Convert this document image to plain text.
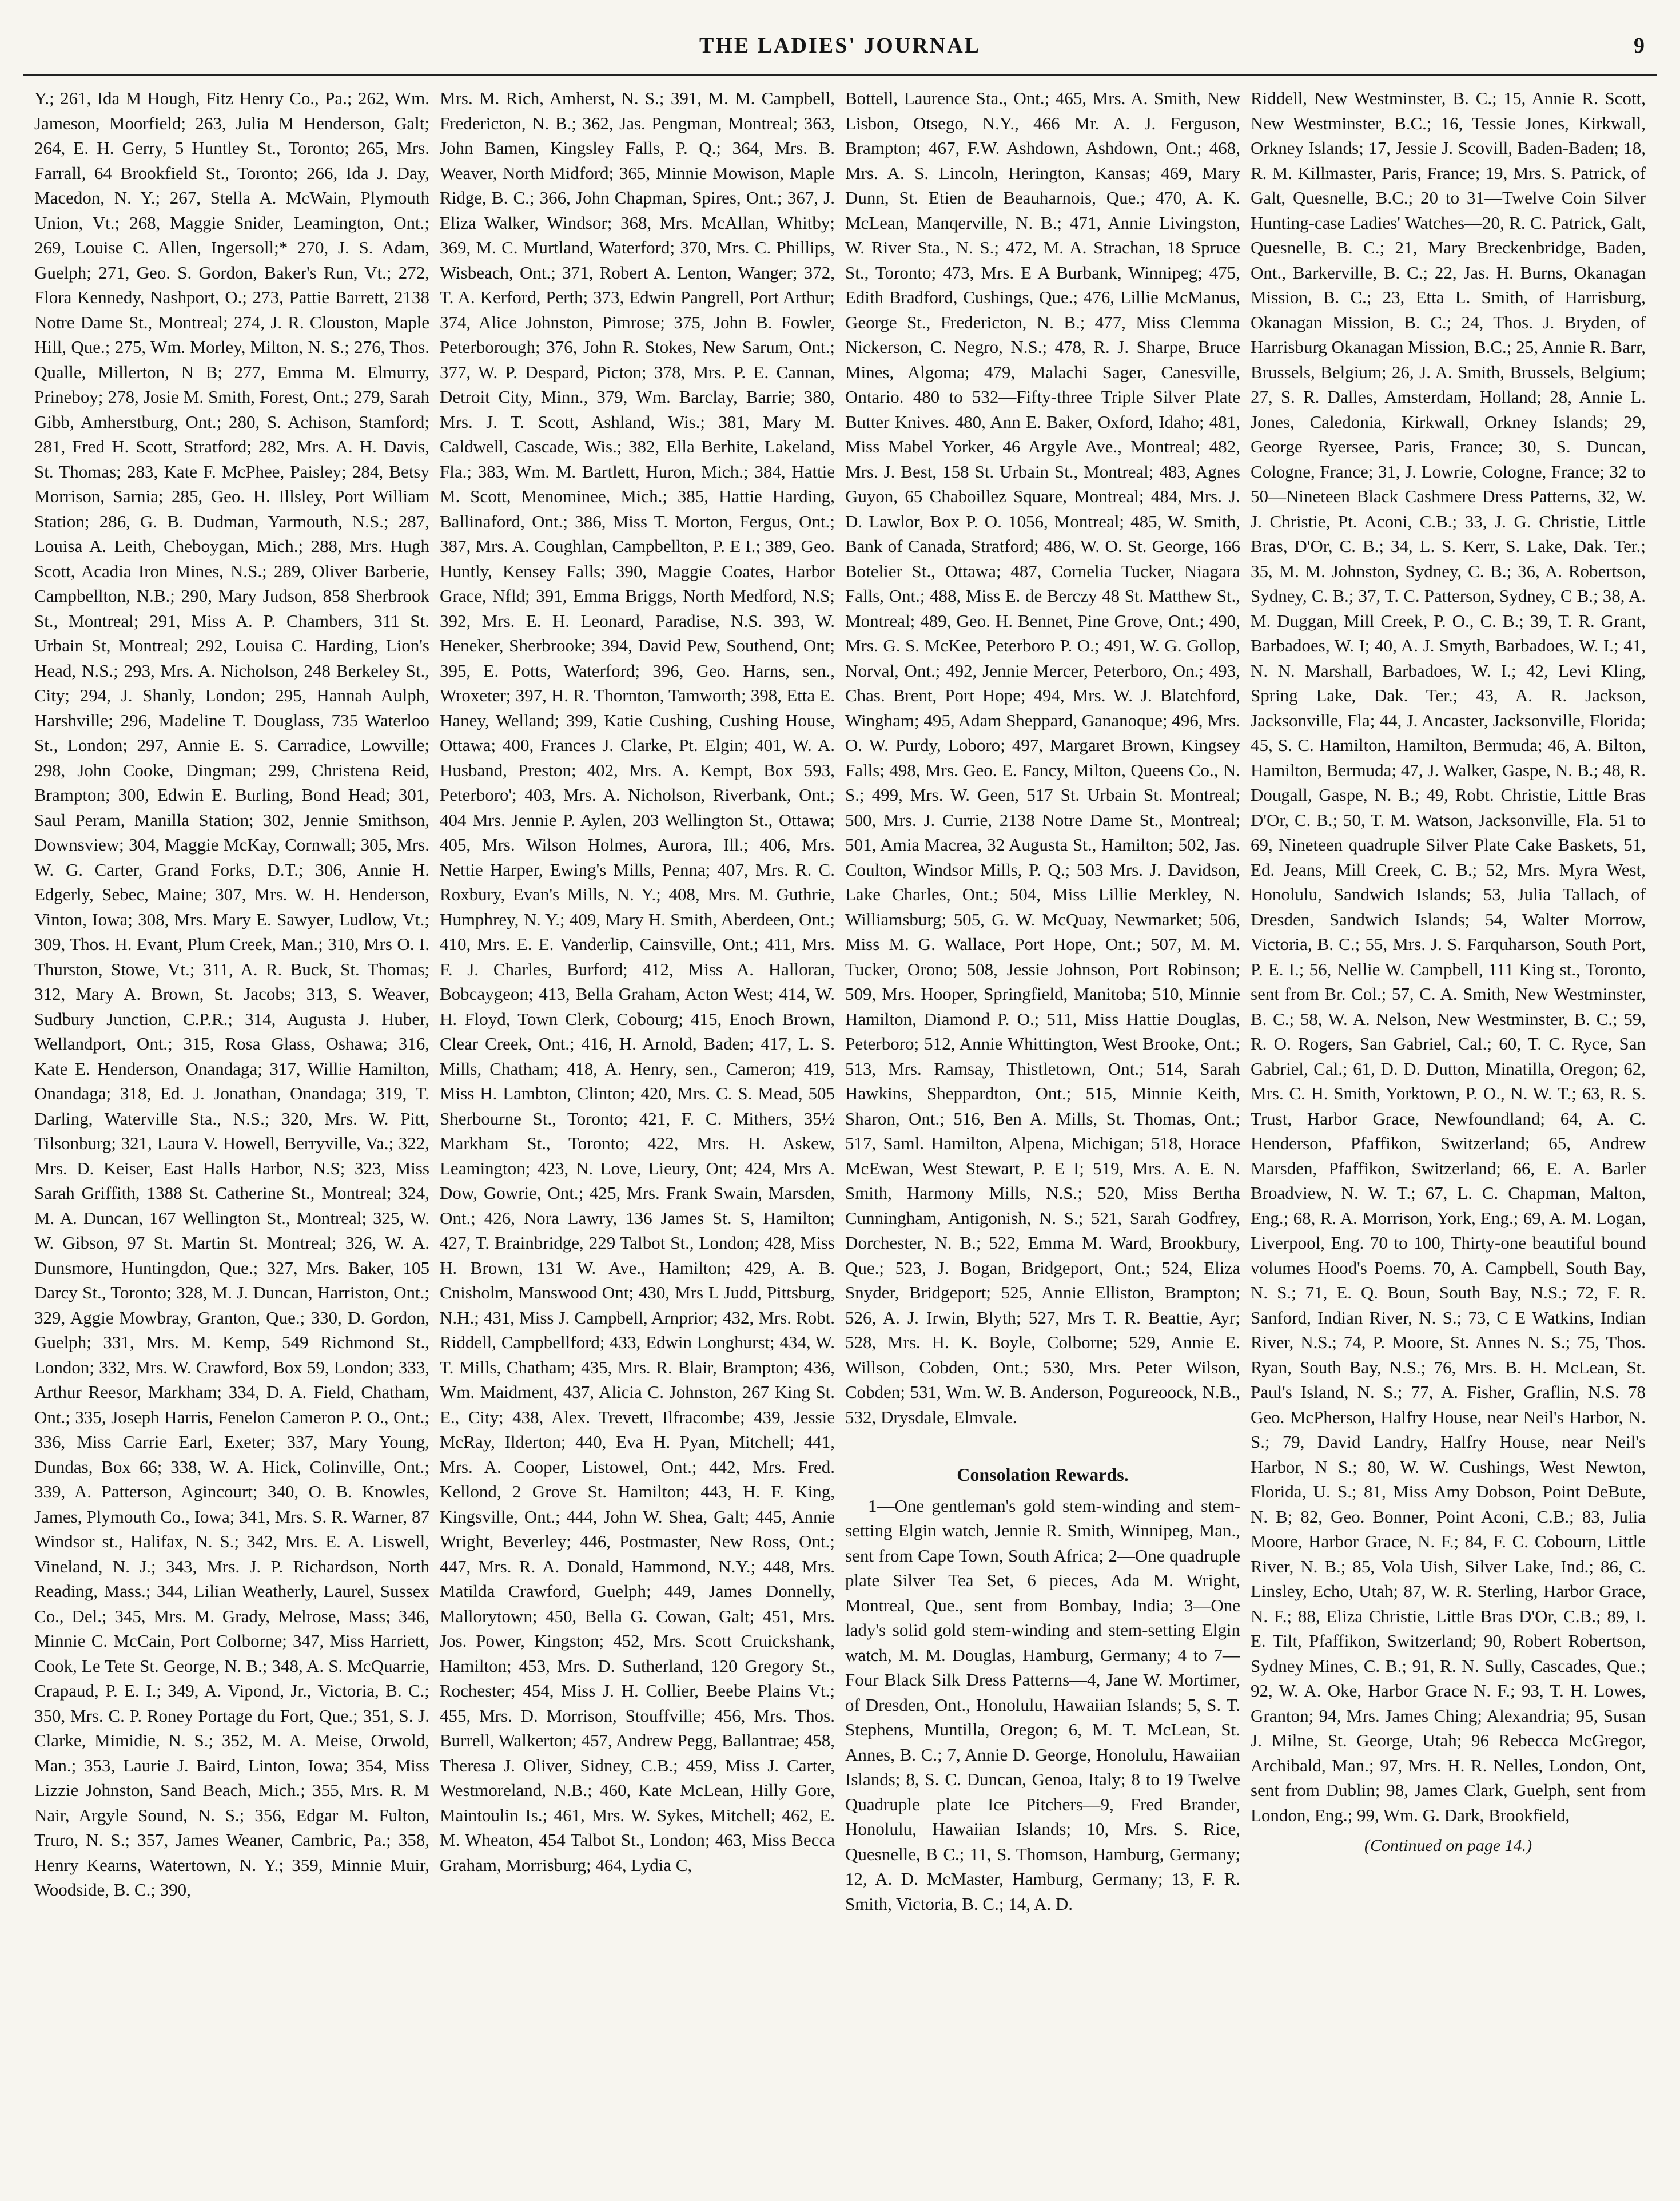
THE LADIES' JOURNAL	9

Y.; 261, Ida M Hough, Fitz Henry Co., Pa.; 262, Wm. Jameson, Moorfield; 263, Julia M Henderson, Galt; 264, E. H. Gerry, 5 Huntley St., Toronto; 265, Mrs. Farrall, 64 Brookfield St., Toronto; 266, Ida J. Day, Macedon, N. Y.; 267, Stella A. McWain, Plymouth Union, Vt.; 268, Maggie Snider, Leamington, Ont.; 269, Louise C. Allen, Ingersoll;* 270, J. S. Adam, Guelph; 271, Geo. S. Gordon, Baker's Run, Vt.; 272, Flora Kennedy, Nashport, O.; 273, Pattie Barrett, 2138 Notre Dame St., Montreal; 274, J. R. Clouston, Maple Hill, Que.; 275, Wm. Morley, Milton, N. S.; 276, Thos. Qualle, Millerton, N B; 277, Emma M. Elmurry, Prineboy; 278, Josie M. Smith, Forest, Ont.; 279, Sarah Gibb, Amherstburg, Ont.; 280, S. Achison, Stamford; 281, Fred H. Scott, Stratford; 282, Mrs. A. H. Davis, St. Thomas; 283, Kate F. McPhee, Paisley; 284, Betsy Morrison, Sarnia; 285, Geo. H. Illsley, Port William Station; 286, G. B. Dudman, Yarmouth, N.S.; 287, Louisa A. Leith, Cheboygan, Mich.; 288, Mrs. Hugh Scott, Acadia Iron Mines, N.S.; 289, Oliver Barberie, Campbellton, N.B.; 290, Mary Judson, 858 Sherbrook St., Montreal; 291, Miss A. P. Chambers, 311 St. Urbain St, Montreal; 292, Louisa C. Harding, Lion's Head, N.S.; 293, Mrs. A. Nicholson, 248 Berkeley St., City; 294, J. Shanly, London; 295, Hannah Aulph, Harshville; 296, Madeline T. Douglass, 735 Waterloo St., London; 297, Annie E. S. Carradice, Lowville; 298, John Cooke, Dingman; 299, Christena Reid, Brampton; 300, Edwin E. Burling, Bond Head; 301, Saul Peram, Manilla Station; 302, Jennie Smithson, Downsview; 304, Maggie McKay, Cornwall; 305, Mrs. W. G. Carter, Grand Forks, D.T.; 306, Annie H. Edgerly, Sebec, Maine; 307, Mrs. W. H. Henderson, Vinton, Iowa; 308, Mrs. Mary E. Sawyer, Ludlow, Vt.; 309, Thos. H. Evant, Plum Creek, Man.; 310, Mrs O. I. Thurston, Stowe, Vt.; 311, A. R. Buck, St. Thomas; 312, Mary A. Brown, St. Jacobs; 313, S. Weaver, Sudbury Junction, C.P.R.; 314, Augusta J. Huber, Wellandport, Ont.; 315, Rosa Glass, Oshawa; 316, Kate E. Henderson, Onandaga; 317, Willie Hamilton, Onandaga; 318, Ed. J. Jonathan, Onandaga; 319, T. Darling, Waterville Sta., N.S.; 320, Mrs. W. Pitt, Tilsonburg; 321, Laura V. Howell, Berryville, Va.; 322, Mrs. D. Keiser, East Halls Harbor, N.S; 323, Miss Sarah Griffith, 1388 St. Catherine St., Montreal; 324, M. A. Duncan, 167 Wellington St., Montreal; 325, W. W. Gibson, 97 St. Martin St. Montreal; 326, W. A. Dunsmore, Huntingdon, Que.; 327, Mrs. Baker, 105 Darcy St., Toronto; 328, M. J. Duncan, Harriston, Ont.; 329, Aggie Mowbray, Granton, Que.; 330, D. Gordon, Guelph; 331, Mrs. M. Kemp, 549 Richmond St., London; 332, Mrs. W. Crawford, Box 59, London; 333, Arthur Reesor, Markham; 334, D. A. Field, Chatham, Ont.; 335, Joseph Harris, Fenelon Cameron P. O., Ont.; 336, Miss Carrie Earl, Exeter; 337, Mary Young, Dundas, Box 66; 338, W. A. Hick, Colinville, Ont.; 339, A. Patterson, Agincourt; 340, O. B. Knowles, James, Plymouth Co., Iowa; 341, Mrs. S. R. Warner, 87 Windsor st., Halifax, N. S.; 342, Mrs. E. A. Liswell, Vineland, N. J.; 343, Mrs. J. P. Richardson, North Reading, Mass.; 344, Lilian Weatherly, Laurel, Sussex Co., Del.; 345, Mrs. M. Grady, Melrose, Mass; 346, Minnie C. McCain, Port Colborne; 347, Miss Harriett, Cook, Le Tete St. George, N. B.; 348, A. S. McQuarrie, Crapaud, P. E. I.; 349, A. Vipond, Jr., Victoria, B. C.; 350, Mrs. C. P. Roney Portage du Fort, Que.; 351, S. J. Clarke, Mimidie, N. S.; 352, M. A. Meise, Orwold, Man.; 353, Laurie J. Baird, Linton, Iowa; 354, Miss Lizzie Johnston, Sand Beach, Mich.; 355, Mrs. R. M Nair, Argyle Sound, N. S.; 356, Edgar M. Fulton, Truro, N. S.; 357, James Weaner, Cambric, Pa.; 358, Henry Kearns, Watertown, N. Y.; 359, Minnie Muir, Woodside, B. C.; 390,

Mrs. M. Rich, Amherst, N. S.; 391, M. M. Campbell, Fredericton, N. B.; 362, Jas. Pengman, Montreal; 363, John Bamen, Kingsley Falls, P. Q.; 364, Mrs. B. Weaver, North Midford; 365, Minnie Mowison, Maple Ridge, B. C.; 366, John Chapman, Spires, Ont.; 367, J. Eliza Walker, Windsor; 368, Mrs. McAllan, Whitby; 369, M. C. Murtland, Waterford; 370, Mrs. C. Phillips, Wisbeach, Ont.; 371, Robert A. Lenton, Wanger; 372, T. A. Kerford, Perth; 373, Edwin Pangrell, Port Arthur; 374, Alice Johnston, Pimrose; 375, John B. Fowler, Peterborough; 376, John R. Stokes, New Sarum, Ont.; 377, W. P. Despard, Picton; 378, Mrs. P. E. Cannan, Detroit City, Minn., 379, Wm. Barclay, Barrie; 380, Mrs. J. T. Scott, Ashland, Wis.; 381, Mary M. Caldwell, Cascade, Wis.; 382, Ella Berhite, Lakeland, Fla.; 383, Wm. M. Bartlett, Huron, Mich.; 384, Hattie M. Scott, Menominee, Mich.; 385, Hattie Harding, Ballinaford, Ont.; 386, Miss T. Morton, Fergus, Ont.; 387, Mrs. A. Coughlan, Campbellton, P. E I.; 389, Geo. Huntly, Kensey Falls; 390, Maggie Coates, Harbor Grace, Nfld; 391, Emma Briggs, North Medford, N.S; 392, Mrs. E. H. Leonard, Paradise, N.S. 393, W. Heneker, Sherbrooke; 394, David Pew, Southend, Ont; 395, E. Potts, Waterford; 396, Geo. Harns, sen., Wroxeter; 397, H. R. Thornton, Tamworth; 398, Etta E. Haney, Welland; 399, Katie Cushing, Cushing House, Ottawa; 400, Frances J. Clarke, Pt. Elgin; 401, W. A. Husband, Preston; 402, Mrs. A. Kempt, Box 593, Peterboro'; 403, Mrs. A. Nicholson, Riverbank, Ont.; 404 Mrs. Jennie P. Aylen, 203 Wellington St., Ottawa; 405, Mrs. Wilson Holmes, Aurora, Ill.; 406, Mrs. Nettie Harper, Ewing's Mills, Penna; 407, Mrs. R. C. Roxbury, Evan's Mills, N. Y.; 408, Mrs. M. Guthrie, Humphrey, N. Y.; 409, Mary H. Smith, Aberdeen, Ont.; 410, Mrs. E. E. Vanderlip, Cainsville, Ont.; 411, Mrs. F. J. Charles, Burford; 412, Miss A. Halloran, Bobcaygeon; 413, Bella Graham, Acton West; 414, W. H. Floyd, Town Clerk, Cobourg; 415, Enoch Brown, Clear Creek, Ont.; 416, H. Arnold, Baden; 417, L. S. Mills, Chatham; 418, A. Henry, sen., Cameron; 419, Miss H. Lambton, Clinton; 420, Mrs. C. S. Mead, 505 Sherbourne St., Toronto; 421, F. C. Mithers, 35½ Markham St., Toronto; 422, Mrs. H. Askew, Leamington; 423, N. Love, Lieury, Ont; 424, Mrs A. Dow, Gowrie, Ont.; 425, Mrs. Frank Swain, Marsden, Ont.; 426, Nora Lawry, 136 James St. S, Hamilton; 427, T. Brainbridge, 229 Talbot St., London; 428, Miss H. Brown, 131 W. Ave., Hamilton; 429, A. B. Cnisholm, Manswood Ont; 430, Mrs L Judd, Pittsburg, N.H.; 431, Miss J. Campbell, Arnprior; 432, Mrs. Robt. Riddell, Campbellford; 433, Edwin Longhurst; 434, W. T. Mills, Chatham; 435, Mrs. R. Blair, Brampton; 436, Wm. Maidment, 437, Alicia C. Johnston, 267 King St. E., City; 438, Alex. Trevett, Ilfracombe; 439, Jessie McRay, Ilderton; 440, Eva H. Pyan, Mitchell; 441, Mrs. A. Cooper, Listowel, Ont.; 442, Mrs. Fred. Kellond, 2 Grove St. Hamilton; 443, H. F. King, Kingsville, Ont.; 444, John W. Shea, Galt; 445, Annie Wright, Beverley; 446, Postmaster, New Ross, Ont.; 447, Mrs. R. A. Donald, Hammond, N.Y.; 448, Mrs. Matilda Crawford, Guelph; 449, James Donnelly, Mallorytown; 450, Bella G. Cowan, Galt; 451, Mrs. Jos. Power, Kingston; 452, Mrs. Scott Cruickshank, Hamilton; 453, Mrs. D. Sutherland, 120 Gregory St., Rochester; 454, Miss J. H. Collier, Beebe Plains Vt.; 455, Mrs. D. Morrison, Stouffville; 456, Mrs. Thos. Burrell, Walkerton; 457, Andrew Pegg, Ballantrae; 458, Theresa J. Oliver, Sidney, C.B.; 459, Miss J. Carter, Westmoreland, N.B.; 460, Kate McLean, Hilly Gore, Maintoulin Is.; 461, Mrs. W. Sykes, Mitchell; 462, E. M. Wheaton, 454 Talbot St., London; 463, Miss Becca Graham, Morrisburg; 464, Lydia C,

Bottell, Laurence Sta., Ont.; 465, Mrs. A. Smith, New Lisbon, Otsego, N.Y., 466 Mr. A. J. Ferguson, Brampton; 467, F.W. Ashdown, Ashdown, Ont.; 468, Mrs. A. S. Lincoln, Herington, Kansas; 469, Mary Dunn, St. Etien de Beauharnois, Que.; 470, A. K. McLean, Manqerville, N. B.; 471, Annie Livingston, W. River Sta., N. S.; 472, M. A. Strachan, 18 Spruce St., Toronto; 473, Mrs. E A Burbank, Winnipeg; 475, Edith Bradford, Cushings, Que.; 476, Lillie McManus, George St., Fredericton, N. B.; 477, Miss Clemma Nickerson, C. Negro, N.S.; 478, R. J. Sharpe, Bruce Mines, Algoma; 479, Malachi Sager, Canesville, Ontario. 480 to 532—Fifty-three Triple Silver Plate Butter Knives. 480, Ann E. Baker, Oxford, Idaho; 481, Miss Mabel Yorker, 46 Argyle Ave., Montreal; 482, Mrs. J. Best, 158 St. Urbain St., Montreal; 483, Agnes Guyon, 65 Chaboillez Square, Montreal; 484, Mrs. J. D. Lawlor, Box P. O. 1056, Montreal; 485, W. Smith, Bank of Canada, Stratford; 486, W. O. St. George, 166 Botelier St., Ottawa; 487, Cornelia Tucker, Niagara Falls, Ont.; 488, Miss E. de Berczy 48 St. Matthew St., Montreal; 489, Geo. H. Bennet, Pine Grove, Ont.; 490, Mrs. G. S. McKee, Peterboro P. O.; 491, W. G. Gollop, Norval, Ont.; 492, Jennie Mercer, Peterboro, On.; 493, Chas. Brent, Port Hope; 494, Mrs. W. J. Blatchford, Wingham; 495, Adam Sheppard, Gananoque; 496, Mrs. O. W. Purdy, Loboro; 497, Margaret Brown, Kingsey Falls; 498, Mrs. Geo. E. Fancy, Milton, Queens Co., N. S.; 499, Mrs. W. Geen, 517 St. Urbain St. Montreal; 500, Mrs. J. Currie, 2138 Notre Dame St., Montreal; 501, Amia Macrea, 32 Augusta St., Hamilton; 502, Jas. Coulton, Windsor Mills, P. Q.; 503 Mrs. J. Davidson, Lake Charles, Ont.; 504, Miss Lillie Merkley, N. Williamsburg; 505, G. W. McQuay, Newmarket; 506, Miss M. G. Wallace, Port Hope, Ont.; 507, M. M. Tucker, Orono; 508, Jessie Johnson, Port Robinson; 509, Mrs. Hooper, Springfield, Manitoba; 510, Minnie Hamilton, Diamond P. O.; 511, Miss Hattie Douglas, Peterboro; 512, Annie Whittington, West Brooke, Ont.; 513, Mrs. Ramsay, Thistletown, Ont.; 514, Sarah Hawkins, Sheppardton, Ont.; 515, Minnie Keith, Sharon, Ont.; 516, Ben A. Mills, St. Thomas, Ont.; 517, Saml. Hamilton, Alpena, Michigan; 518, Horace McEwan, West Stewart, P. E I; 519, Mrs. A. E. N. Smith, Harmony Mills, N.S.; 520, Miss Bertha Cunningham, Antigonish, N. S.; 521, Sarah Godfrey, Dorchester, N. B.; 522, Emma M. Ward, Brookbury, Que.; 523, J. Bogan, Bridgeport, Ont.; 524, Eliza Snyder, Bridgeport; 525, Annie Elliston, Brampton; 526, A. J. Irwin, Blyth; 527, Mrs T. R. Beattie, Ayr; 528, Mrs. H. K. Boyle, Colborne; 529, Annie E. Willson, Cobden, Ont.; 530, Mrs. Peter Wilson, Cobden; 531, Wm. W. B. Anderson, Pogureoock, N.B., 532, Drysdale, Elmvale.

Consolation Rewards.

1—One gentleman's gold stem-winding and stem-setting Elgin watch, Jennie R. Smith, Winnipeg, Man., sent from Cape Town, South Africa; 2—One quadruple plate Silver Tea Set, 6 pieces, Ada M. Wright, Montreal, Que., sent from Bombay, India; 3—One lady's solid gold stem-winding and stem-setting Elgin watch, M. M. Douglas, Hamburg, Germany; 4 to 7—Four Black Silk Dress Patterns—4, Jane W. Mortimer, of Dresden, Ont., Honolulu, Hawaiian Islands; 5, S. T. Stephens, Muntilla, Oregon; 6, M. T. McLean, St. Annes, B. C.; 7, Annie D. George, Honolulu, Hawaiian Islands; 8, S. C. Duncan, Genoa, Italy; 8 to 19 Twelve Quadruple plate Ice Pitchers—9, Fred Brander, Honolulu, Hawaiian Islands; 10, Mrs. S. Rice, Quesnelle, B C.; 11, S. Thomson, Hamburg, Germany; 12, A. D. McMaster, Hamburg, Germany; 13, F. R. Smith, Victoria, B. C.; 14, A. D.

Riddell, New Westminster, B. C.; 15, Annie R. Scott, New Westminster, B.C.; 16, Tessie Jones, Kirkwall, Orkney Islands; 17, Jessie J. Scovill, Baden-Baden; 18, R. M. Killmaster, Paris, France; 19, Mrs. S. Patrick, of Galt, Quesnelle, B.C.; 20 to 31—Twelve Coin Silver Hunting-case Ladies' Watches—20, R. C. Patrick, Galt, Quesnelle, B. C.; 21, Mary Breckenbridge, Baden, Ont., Barkerville, B. C.; 22, Jas. H. Burns, Okanagan Mission, B. C.; 23, Etta L. Smith, of Harrisburg, Okanagan Mission, B. C.; 24, Thos. J. Bryden, of Harrisburg Okanagan Mission, B.C.; 25, Annie R. Barr, Brussels, Belgium; 26, J. A. Smith, Brussels, Belgium; 27, S. R. Dalles, Amsterdam, Holland; 28, Annie L. Jones, Caledonia, Kirkwall, Orkney Islands; 29, George Ryersee, Paris, France; 30, S. Duncan, Cologne, France; 31, J. Lowrie, Cologne, France; 32 to 50—Nineteen Black Cashmere Dress Patterns, 32, W. J. Christie, Pt. Aconi, C.B.; 33, J. G. Christie, Little Bras, D'Or, C. B.; 34, L. S. Kerr, S. Lake, Dak. Ter.; 35, M. M. Johnston, Sydney, C. B.; 36, A. Robertson, Sydney, C. B.; 37, T. C. Patterson, Sydney, C B.; 38, A. M. Duggan, Mill Creek, P. O., C. B.; 39, T. R. Grant, Barbadoes, W. I; 40, A. J. Smyth, Barbadoes, W. I.; 41, N. N. Marshall, Barbadoes, W. I.; 42, Levi Kling, Spring Lake, Dak. Ter.; 43, A. R. Jackson, Jacksonville, Fla; 44, J. Ancaster, Jacksonville, Florida; 45, S. C. Hamilton, Hamilton, Bermuda; 46, A. Bilton, Hamilton, Bermuda; 47, J. Walker, Gaspe, N. B.; 48, R. Dougall, Gaspe, N. B.; 49, Robt. Christie, Little Bras D'Or, C. B.; 50, T. M. Watson, Jacksonville, Fla. 51 to 69, Nineteen quadruple Silver Plate Cake Baskets, 51, Ed. Jeans, Mill Creek, C. B.; 52, Mrs. Myra West, Honolulu, Sandwich Islands; 53, Julia Tallach, of Dresden, Sandwich Islands; 54, Walter Morrow, Victoria, B. C.; 55, Mrs. J. S. Farquharson, South Port, P. E. I.; 56, Nellie W. Campbell, 111 King st., Toronto, sent from Br. Col.; 57, C. A. Smith, New Westminster, B. C.; 58, W. A. Nelson, New Westminster, B. C.; 59, R. O. Rogers, San Gabriel, Cal.; 60, T. C. Ryce, San Gabriel, Cal.; 61, D. D. Dutton, Minatilla, Oregon; 62, Mrs. C. H. Smith, Yorktown, P. O., N. W. T.; 63, R. S. Trust, Harbor Grace, Newfoundland; 64, A. C. Henderson, Pfaffikon, Switzerland; 65, Andrew Marsden, Pfaffikon, Switzerland; 66, E. A. Barler Broadview, N. W. T.; 67, L. C. Chapman, Malton, Eng.; 68, R. A. Morrison, York, Eng.; 69, A. M. Logan, Liverpool, Eng. 70 to 100, Thirty-one beautiful bound volumes Hood's Poems. 70, A. Campbell, South Bay, N. S.; 71, E. Q. Boun, South Bay, N.S.; 72, F. R. Sanford, Indian River, N. S.; 73, C E Watkins, Indian River, N.S.; 74, P. Moore, St. Annes N. S.; 75, Thos. Ryan, South Bay, N.S.; 76, Mrs. B. H. McLean, St. Paul's Island, N. S.; 77, A. Fisher, Graflin, N.S. 78 Geo. McPherson, Halfry House, near Neil's Harbor, N. S.; 79, David Landry, Halfry House, near Neil's Harbor, N S.; 80, W. W. Cushings, West Newton, Florida, U. S.; 81, Miss Amy Dobson, Point DeBute, N. B; 82, Geo. Bonner, Point Aconi, C.B.; 83, Julia Moore, Harbor Grace, N. F.; 84, F. C. Cobourn, Little River, N. B.; 85, Vola Uish, Silver Lake, Ind.; 86, C. Linsley, Echo, Utah; 87, W. R. Sterling, Harbor Grace, N. F.; 88, Eliza Christie, Little Bras D'Or, C.B.; 89, I. E. Tilt, Pfaffikon, Switzerland; 90, Robert Robertson, Sydney Mines, C. B.; 91, R. N. Sully, Cascades, Que.; 92, W. A. Oke, Harbor Grace N. F.; 93, T. H. Lowes, Granton; 94, Mrs. James Ching; Alexandria; 95, Susan J. Milne, St. George, Utah; 96 Rebecca McGregor, Archibald, Man.; 97, Mrs. H. R. Nelles, London, Ont, sent from Dublin; 98, James Clark, Guelph, sent from London, Eng.; 99, Wm. G. Dark, Brookfield,

(Continued on page 14.)
